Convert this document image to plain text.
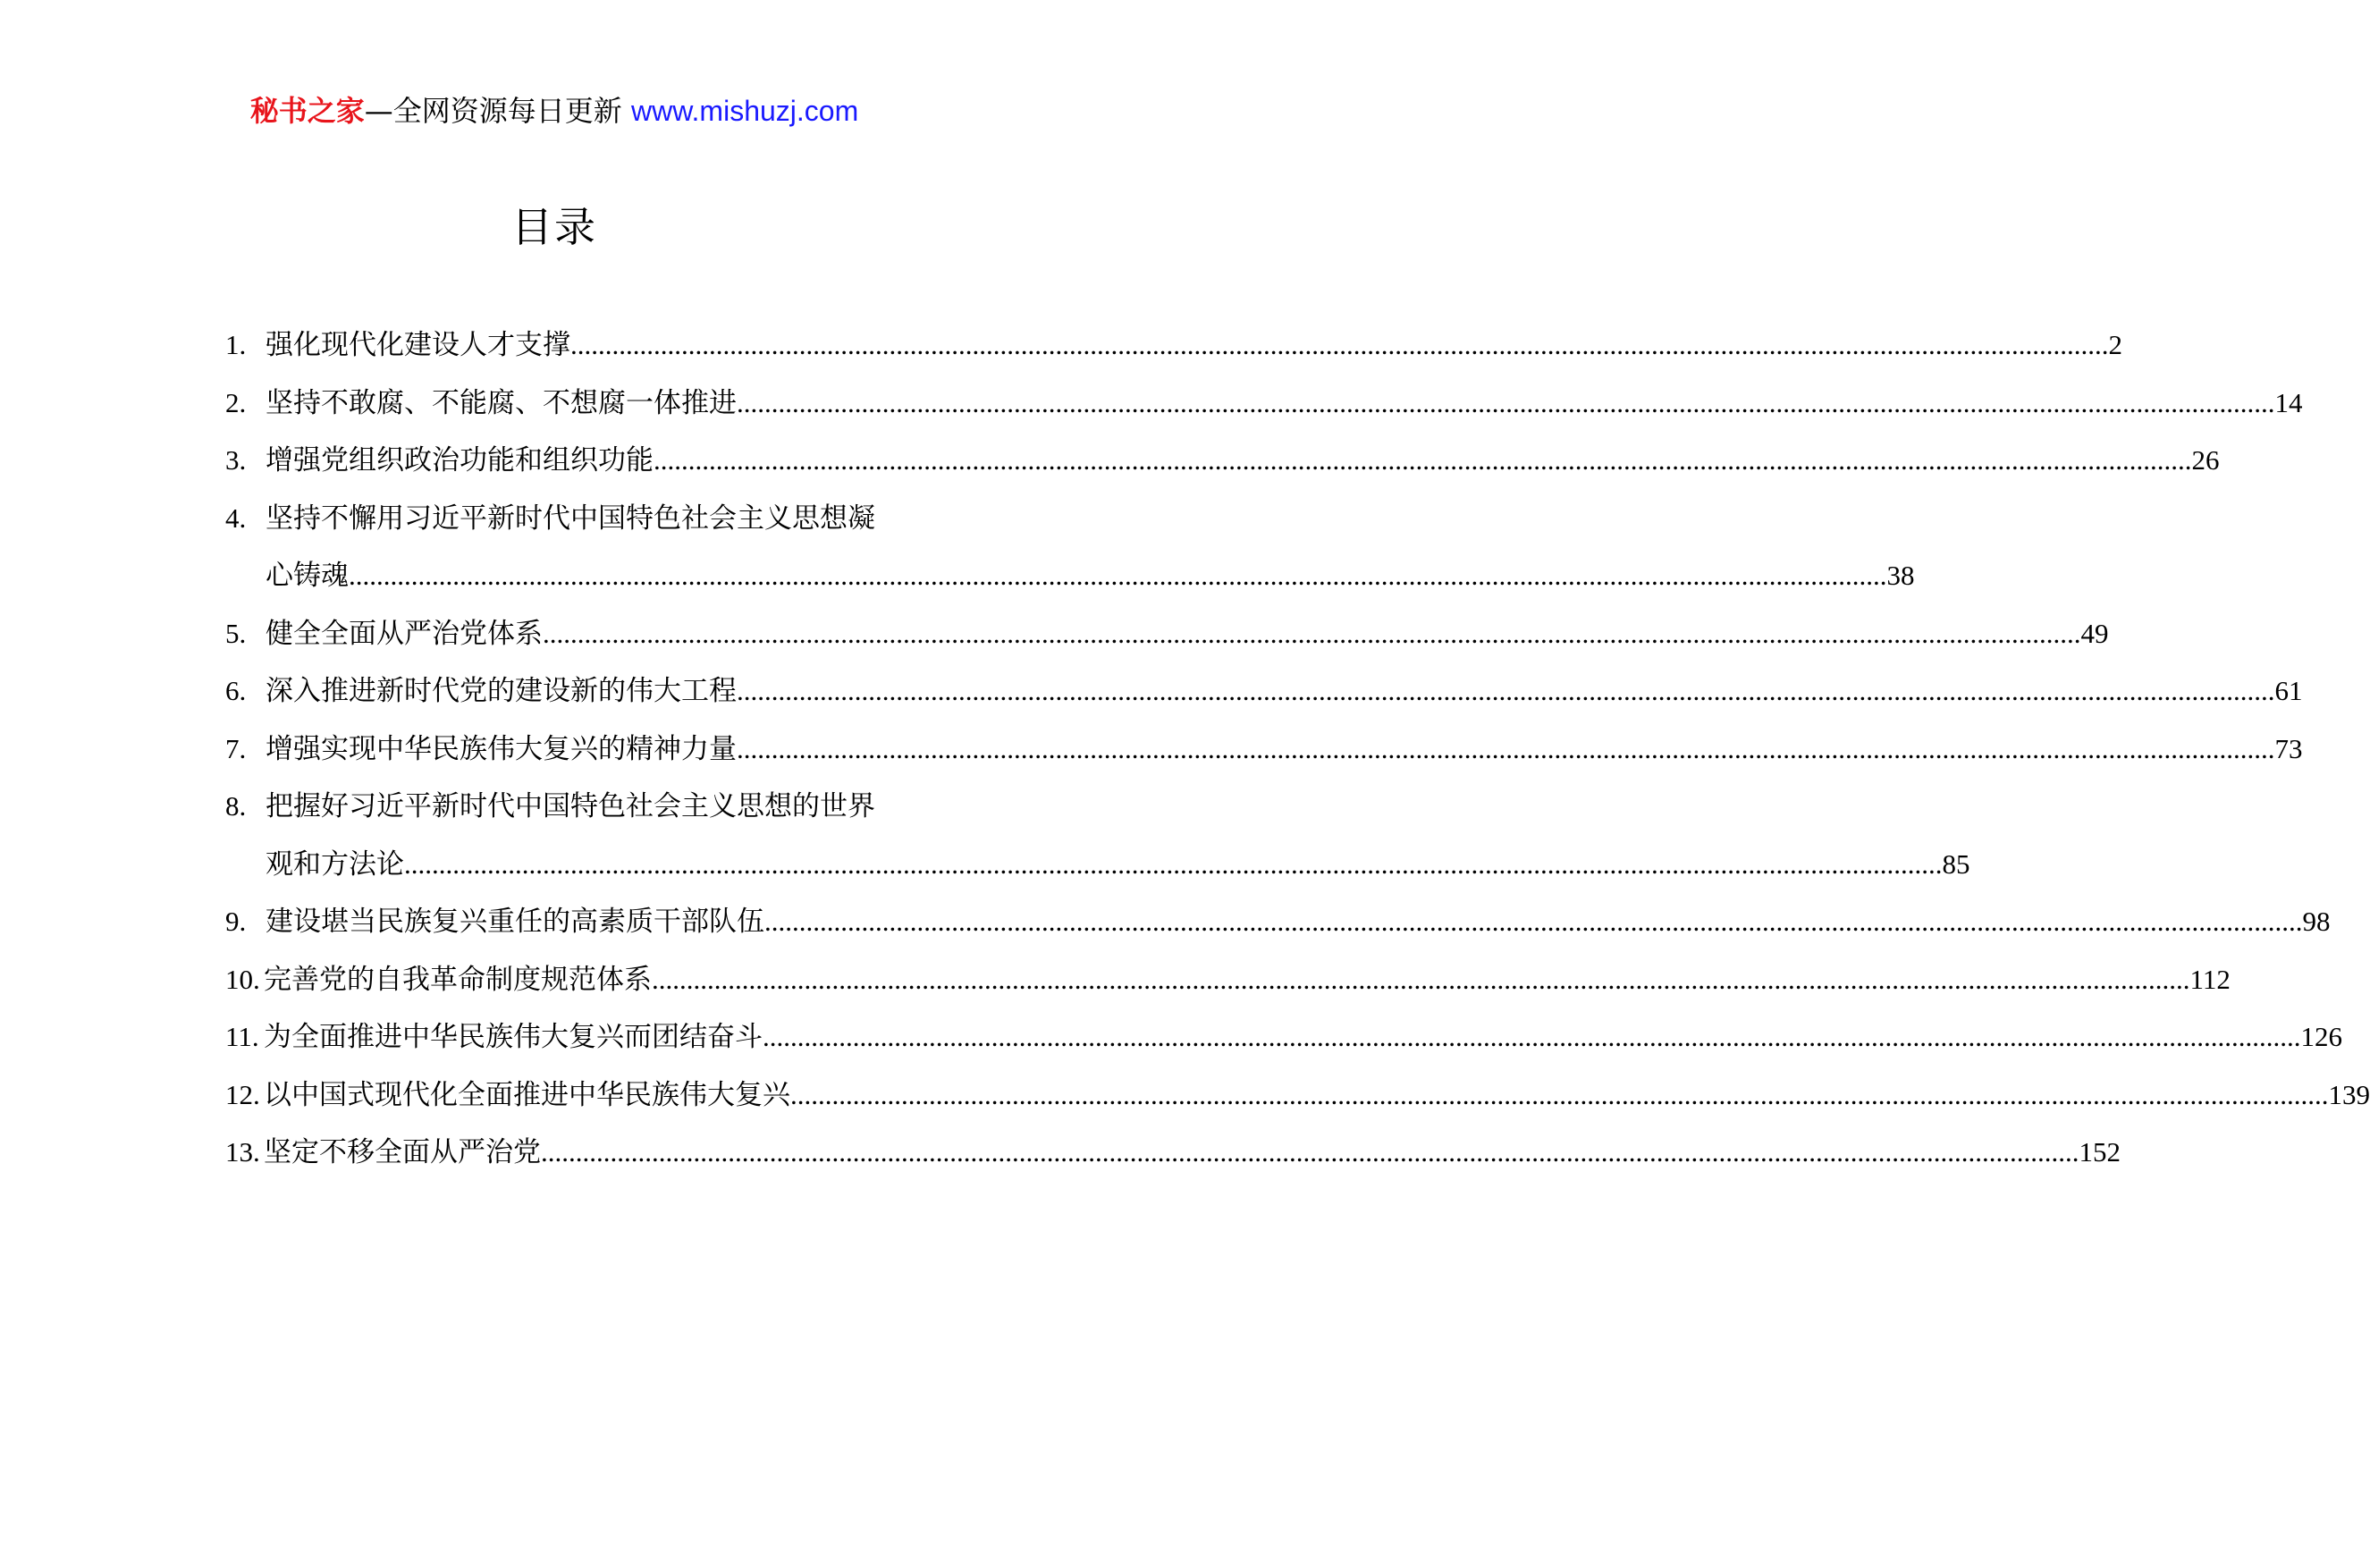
秘书之家—全网资源每日更新 www.mishuzj.com
目录
1. 强化现代化建设人才支撑 .....	2
2. 坚持不敢腐、不能腐、不想腐一体推进 .....	14
3. 增强党组织政治功能和组织功能 .....	26
4. 坚持不懈用习近平新时代中国特色社会主义思想凝
心铸魂 .....	38
5. 健全全面从严治党体系 .....	49
6. 深入推进新时代党的建设新的伟大工程 .....	61
7. 增强实现中华民族伟大复兴的精神力量 .....	73
8. 把握好习近平新时代中国特色社会主义思想的世界
观和方法论 .....	85
9. 建设堪当民族复兴重任的高素质干部队伍 .....	98
10. 完善党的自我革命制度规范体系 .....	112
11. 为全面推进中华民族伟大复兴而团结奋斗 .....	126
12. 以中国式现代化全面推进中华民族伟大复兴 .....	139
13. 坚定不移全面从严治党 .....	152
